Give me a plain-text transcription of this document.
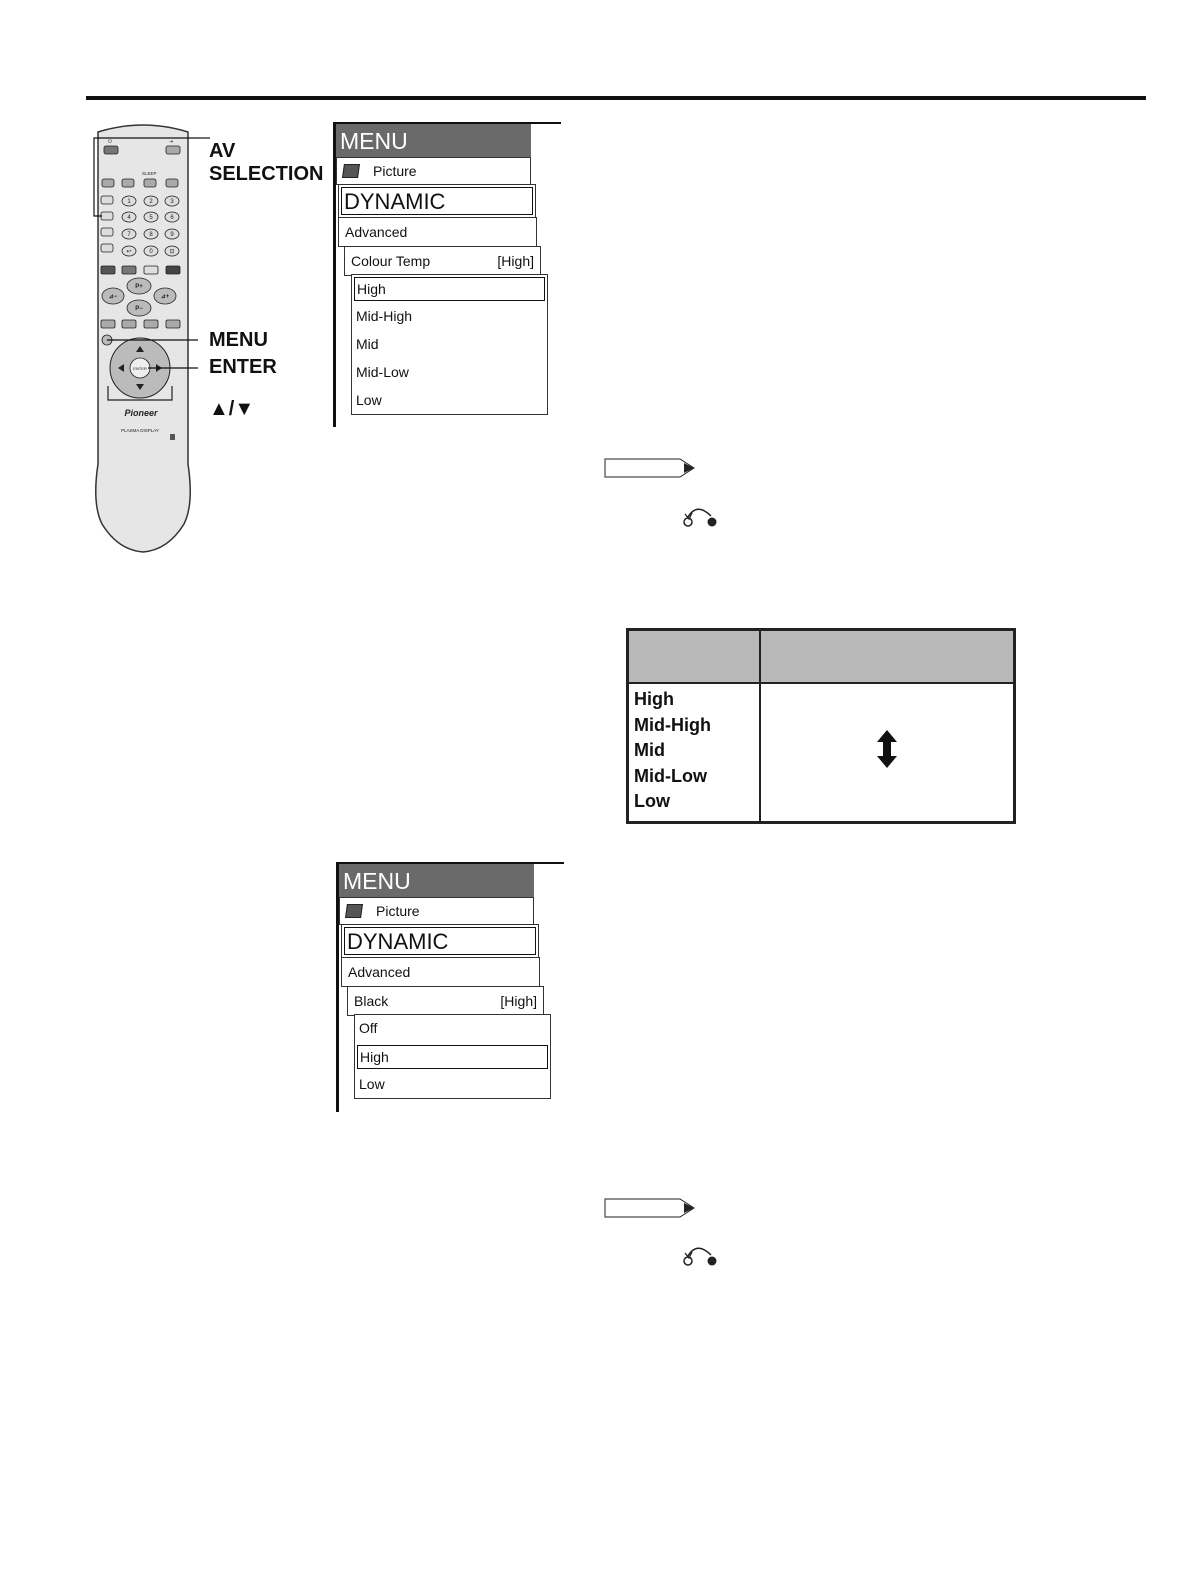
⏻	⇥
SLEEP
1	2	3
4	5	6
7	8	9
↩	0	⊡
P+
P−
⊿−	⊿+
ENTER
Pioneer
PLASMA DISPLAY
AV
SELECTION
MENU
ENTER
▲/▼
MENU
Picture
DYNAMIC
Advanced
Colour Temp	[High]
High
Mid-High
Mid
Mid-Low
Low
High
Mid-High
Mid
Mid-Low
Low
MENU
Picture
DYNAMIC
Advanced
Black	[High]
Off
High
Low
